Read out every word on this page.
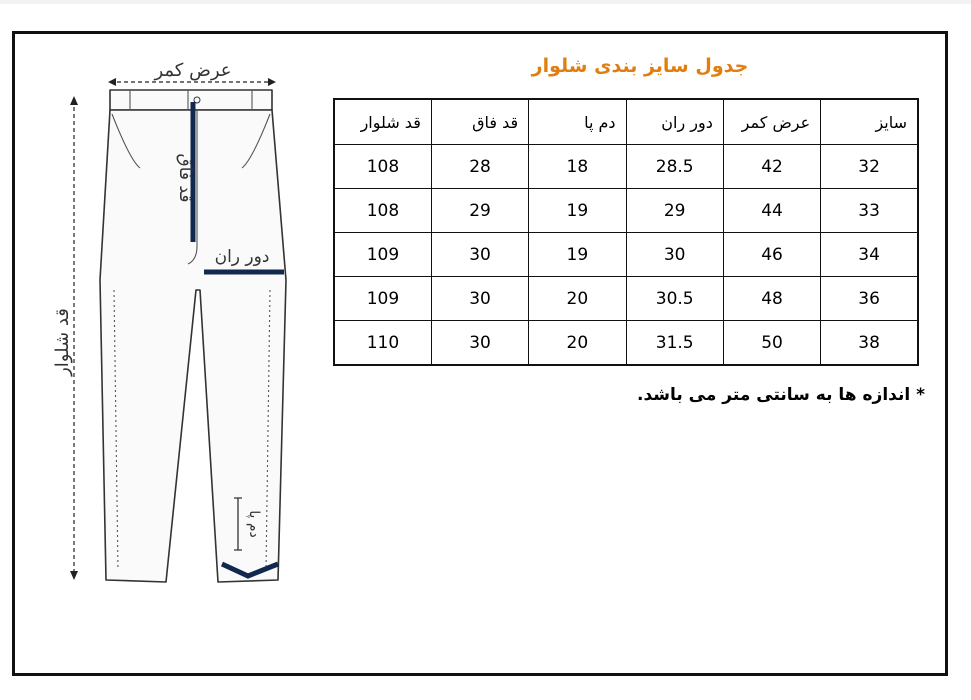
عرض کمر
قد شلوار
قد فاق
دور ران
دم پا
جدول سایز بندی شلوار
سایز	عرض کمر	دور ران	دم پا	قد فاق	قد شلوار
32	42	28.5	18	28	108
33	44	29	19	29	108
34	46	30	19	30	109
36	48	30.5	20	30	109
38	50	31.5	20	30	110
* اندازه ها به سانتی متر می باشد.
